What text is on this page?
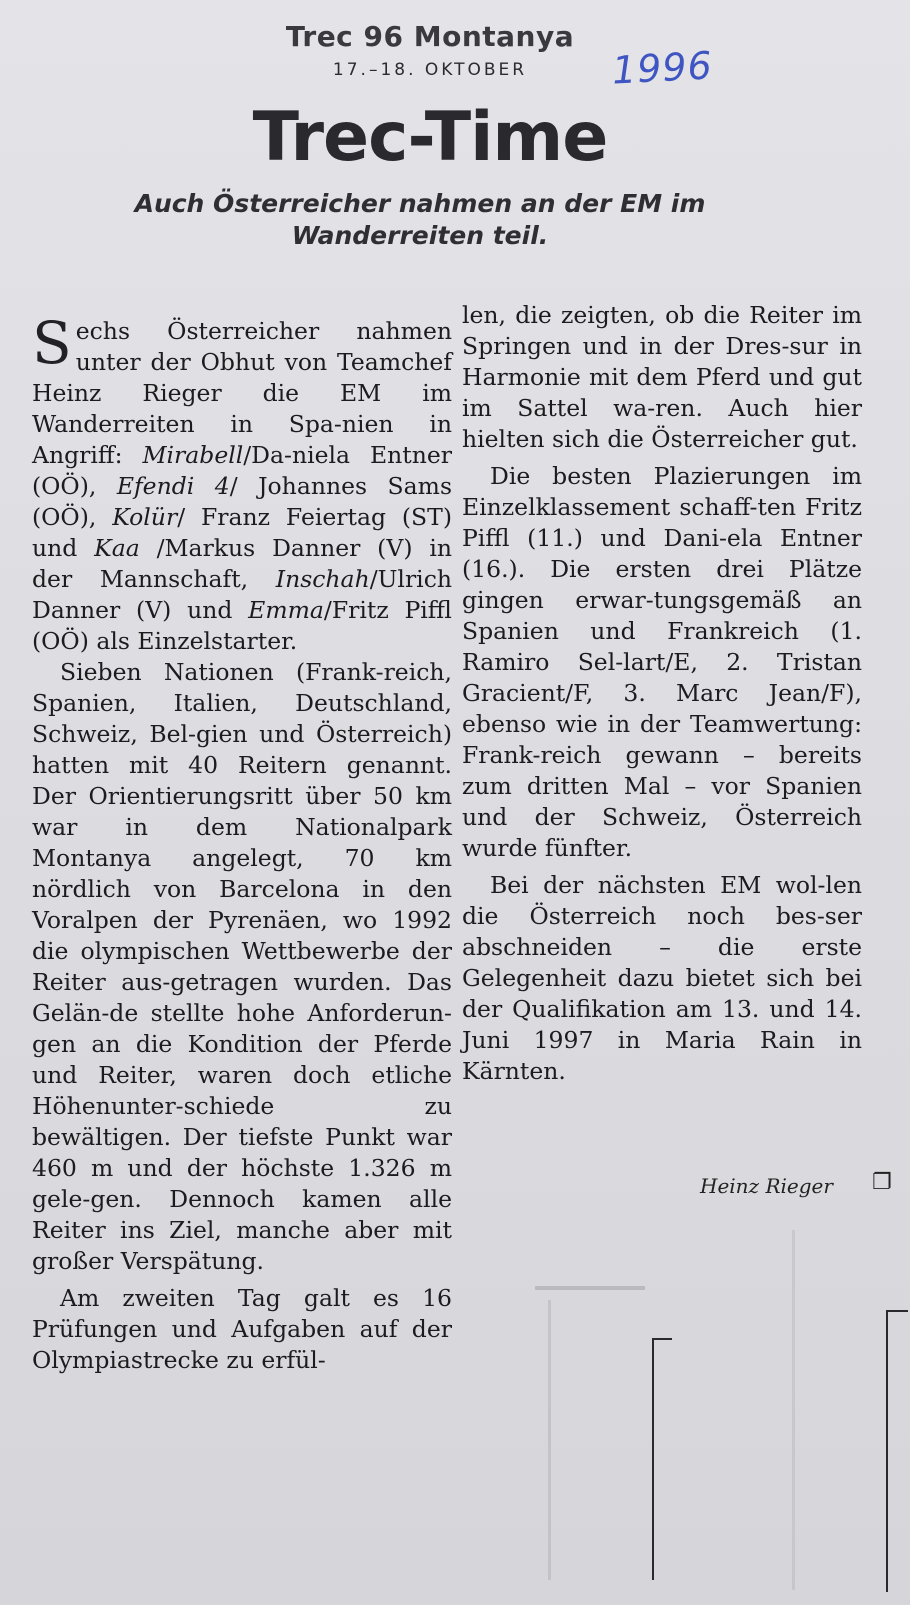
Trec 96 Montanya
17.–18. OKTOBER	1996
Trec-Time
Auch Österreicher nahmen an der EM im Wanderreiten teil.

Sechs Österreicher nahmen unter der Obhut von Teamchef Heinz Rieger die EM im Wanderreiten in Spa-nien in Angriff: Mirabell/Da-niela Entner (OÖ), Efendi 4/ Johannes Sams (OÖ), Kolür/ Franz Feiertag (ST) und Kaa /Markus Danner (V) in der Mannschaft, Inschah/Ulrich Danner (V) und Emma/Fritz Piffl (OÖ) als Einzelstarter.

Sieben Nationen (Frank-reich, Spanien, Italien, Deutschland, Schweiz, Bel-gien und Österreich) hatten mit 40 Reitern genannt. Der Orientierungsritt über 50 km war in dem Nationalpark Montanya angelegt, 70 km nördlich von Barcelona in den Voralpen der Pyrenäen, wo 1992 die olympischen Wettbewerbe der Reiter aus-getragen wurden. Das Gelän-de stellte hohe Anforderun-gen an die Kondition der Pferde und Reiter, waren doch etliche Höhenunter-schiede zu bewältigen. Der tiefste Punkt war 460 m und der höchste 1.326 m gele-gen. Dennoch kamen alle Reiter ins Ziel, manche aber mit großer Verspätung.

Am zweiten Tag galt es 16 Prüfungen und Aufgaben auf der Olympiastrecke zu erfül-

len, die zeigten, ob die Reiter im Springen und in der Dres-sur in Harmonie mit dem Pferd und gut im Sattel wa-ren. Auch hier hielten sich die Österreicher gut.

Die besten Plazierungen im Einzelklassement schaff-ten Fritz Piffl (11.) und Dani-ela Entner (16.). Die ersten drei Plätze gingen erwar-tungsgemäß an Spanien und Frankreich (1. Ramiro Sel-lart/E, 2. Tristan Gracient/F, 3. Marc Jean/F), ebenso wie in der Teamwertung: Frank-reich gewann – bereits zum dritten Mal – vor Spanien und der Schweiz, Österreich wurde fünfter.

Bei der nächsten EM wol-len die Österreich noch bes-ser abschneiden – die erste Gelegenheit dazu bietet sich bei der Qualifikation am 13. und 14. Juni 1997 in Maria Rain in Kärnten.

Heinz Rieger ❐
